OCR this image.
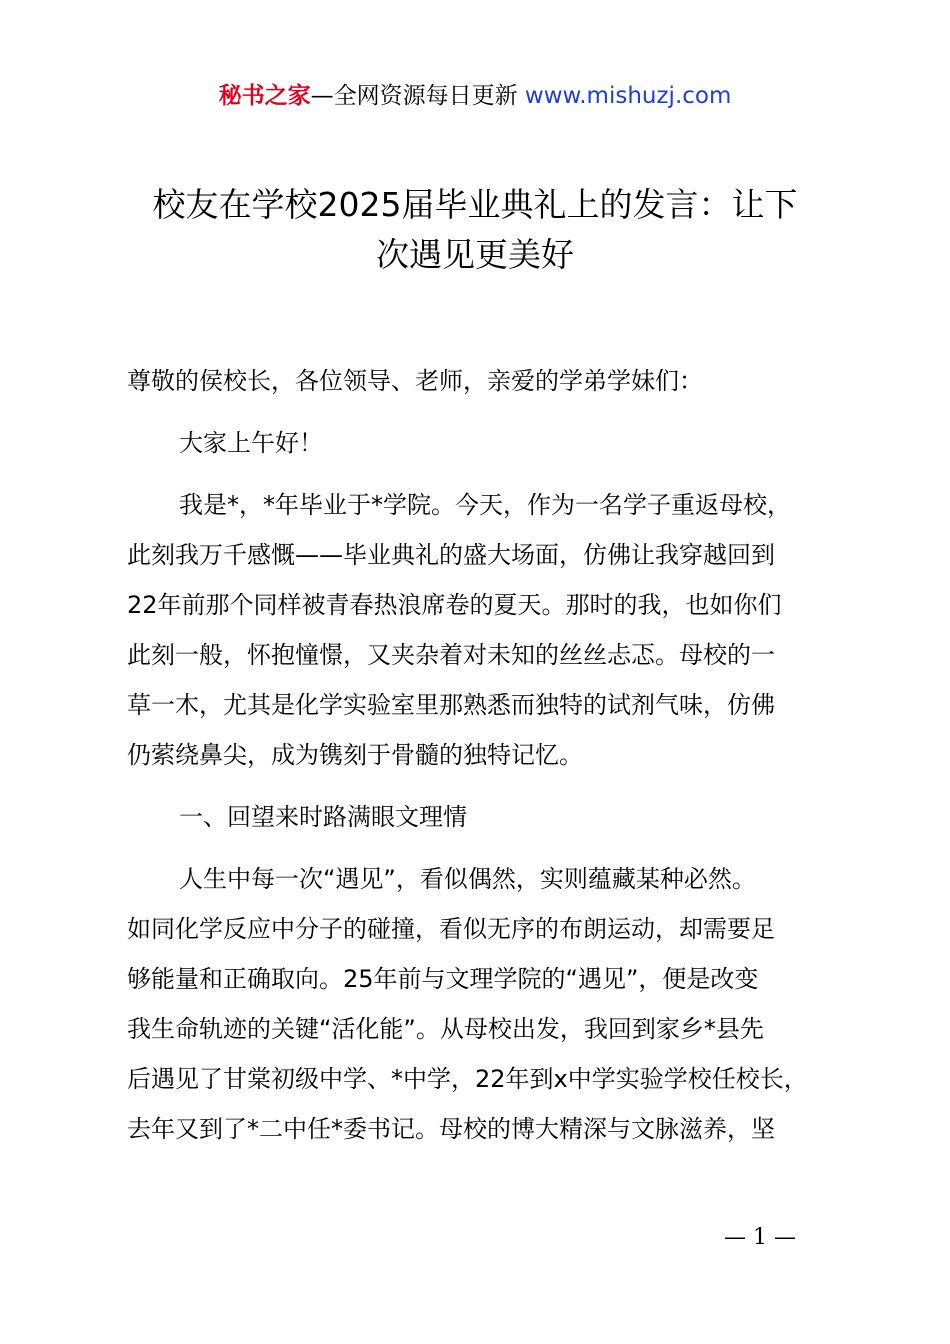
秘书之家—全网资源每日更新 www.mishuzj.com
校友在学校2025届毕业典礼上的发言：让下
次遇见更美好

尊敬的侯校长，各位领导、老师，亲爱的学弟学妹们：

大家上午好！

我是*，*年毕业于*学院。今天，作为一名学子重返母校，
此刻我万千感慨——毕业典礼的盛大场面，仿佛让我穿越回到
22年前那个同样被青春热浪席卷的夏天。那时的我，也如你们
此刻一般，怀抱憧憬，又夹杂着对未知的丝丝忐忑。母校的一
草一木，尤其是化学实验室里那熟悉而独特的试剂气味，仿佛
仍萦绕鼻尖，成为镌刻于骨髓的独特记忆。

一、回望来时路满眼文理情

人生中每一次“遇见”，看似偶然，实则蕴藏某种必然。
如同化学反应中分子的碰撞，看似无序的布朗运动，却需要足
够能量和正确取向。25年前与文理学院的“遇见”，便是改变
我生命轨迹的关键“活化能”。从母校出发，我回到家乡*县先
后遇见了甘棠初级中学、*中学，22年到x中学实验学校任校长，
去年又到了*二中任*委书记。母校的博大精深与文脉滋养，坚

— 1 —
